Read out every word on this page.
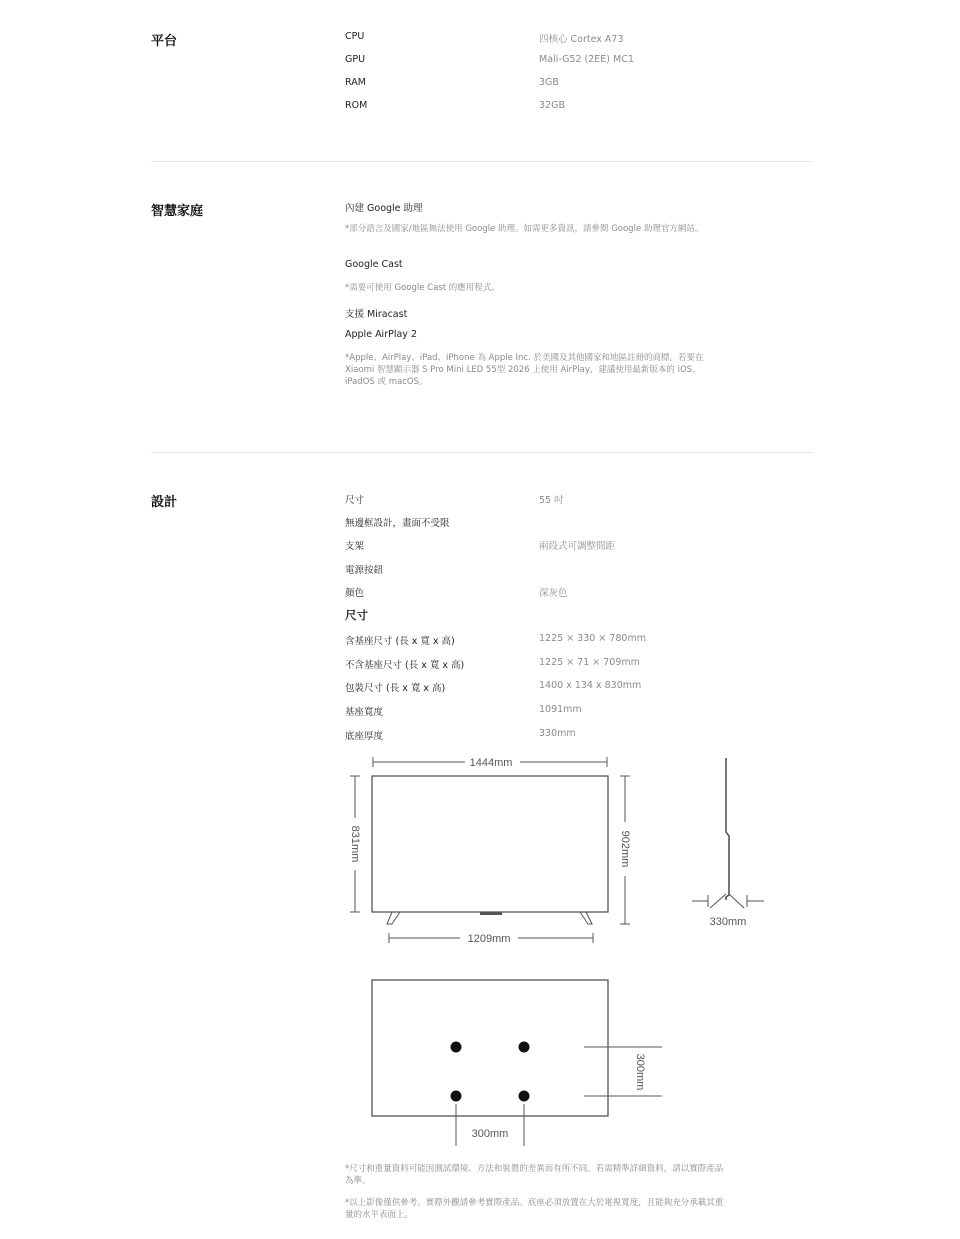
平台	CPU	四核心 Cortex A73
GPU	Mali-G52 (2EE) MC1
RAM	3GB
ROM	32GB
智慧家庭	內建 Google 助理
*部分語言及國家/地區無法使用 Google 助理。如需更多資訊，請參閱 Google 助理官方網站。
Google Cast
*需要可使用 Google Cast 的應用程式。
支援 Miracast
Apple AirPlay 2
*Apple、AirPlay、iPad、iPhone 為 Apple Inc. 於美國及其他國家和地區註冊的商標。若要在 Xiaomi 智慧顯示器 S Pro Mini LED 55型 2026 上使用 AirPlay，建議使用最新版本的 iOS、iPadOS 或 macOS。
設計	尺寸	55 吋
無邊框設計，畫面不受限
支架	兩段式可調整間距
電源按鈕
顏色	深灰色
尺寸
含基座尺寸 (長 x 寬 x 高)	1225 × 330 × 780mm
不含基座尺寸 (長 x 寬 x 高)	1225 × 71 × 709mm
包裝尺寸 (長 x 寬 x 高)	1400 x 134 x 830mm
基座寬度	1091mm
底座厚度	330mm
1444mm
831mm	902mm
1209mm
330mm
300mm
300mm
*尺寸和重量資料可能因測試環境、方法和裝置的差異而有所不同。若需精準詳細資料，請以實際產品為準。
*以上影像僅供參考。實際外觀請參考實際產品。底座必須放置在大於電視寬度，且能夠充分承載其重量的水平表面上。
